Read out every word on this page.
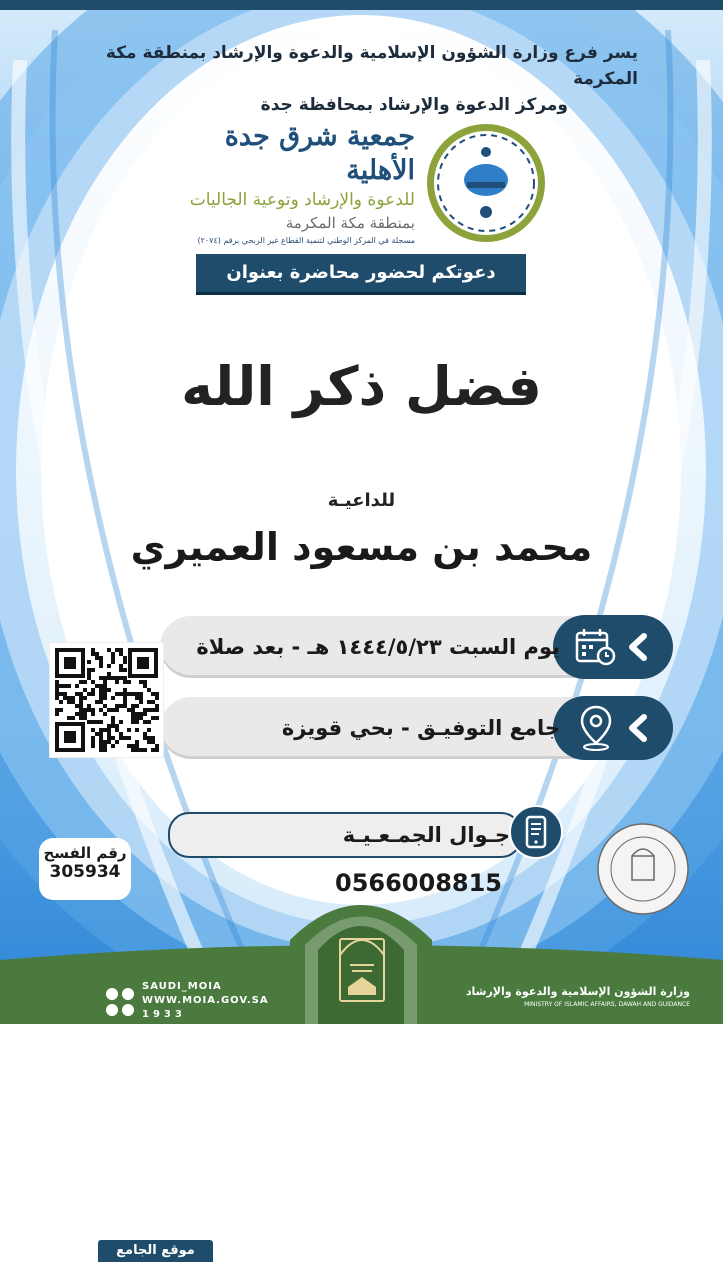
يسر فرع وزارة الشؤون الإسلامية والدعوة والإرشاد بمنطقة مكة المكرمة
ومركز الدعوة والإرشاد بمحافظة جدة
جمعية شرق جدة الأهلية
للدعوة والإرشاد وتوعية الجاليات
بمنطقة مكة المكرمة
مسجلة في المركز الوطني لتنمية القطاع غير الربحي برقم (٢٠٧٤)
دعوتكم لحضور محاضرة بعنوان
فضل ذكر الله
للداعيـة
محمد بن مسعود العميري
يوم السبت ١٤٤٤/٥/٢٣ هـ - بعد صلاة
جامع التوفيـق - بحي قويزة
موقع الجامع
جـوال الجمـعـيـة 0566008815
رقم الفسح
305934
SAUDI_MOIA
WWW.MOIA.GOV.SA
1933
وزارة الشؤون الإسلامية والدعوة والإرشاد
MINISTRY OF ISLAMIC AFFAIRS, DAWAH AND GUIDANCE
